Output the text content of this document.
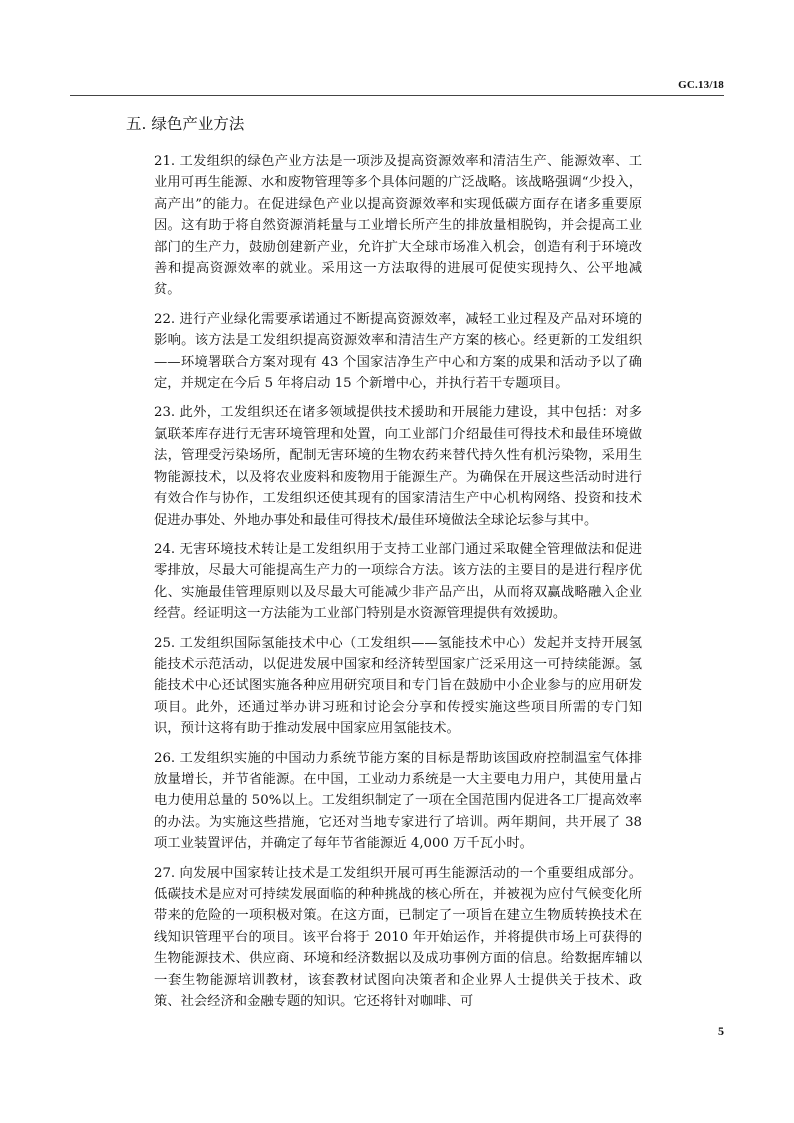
GC.13/18
五. 绿色产业方法

21. 工发组织的绿色产业方法是一项涉及提高资源效率和清洁生产、能源效率、工业用可再生能源、水和废物管理等多个具体问题的广泛战略。该战略强调“少投入，高产出”的能力。在促进绿色产业以提高资源效率和实现低碳方面存在诸多重要原因。这有助于将自然资源消耗量与工业增长所产生的排放量相脱钩，并会提高工业部门的生产力，鼓励创建新产业，允许扩大全球市场准入机会，创造有利于环境改善和提高资源效率的就业。采用这一方法取得的进展可促使实现持久、公平地减贫。

22. 进行产业绿化需要承诺通过不断提高资源效率，减轻工业过程及产品对环境的影响。该方法是工发组织提高资源效率和清洁生产方案的核心。经更新的工发组织——环境署联合方案对现有 43 个国家洁净生产中心和方案的成果和活动予以了确定，并规定在今后 5 年将启动 15 个新增中心，并执行若干专题项目。

23. 此外，工发组织还在诸多领域提供技术援助和开展能力建设，其中包括：对多氯联苯库存进行无害环境管理和处置，向工业部门介绍最佳可得技术和最佳环境做法，管理受污染场所，配制无害环境的生物农药来替代持久性有机污染物，采用生物能源技术，以及将农业废料和废物用于能源生产。为确保在开展这些活动时进行有效合作与协作，工发组织还使其现有的国家清洁生产中心机构网络、投资和技术促进办事处、外地办事处和最佳可得技术/最佳环境做法全球论坛参与其中。

24. 无害环境技术转让是工发组织用于支持工业部门通过采取健全管理做法和促进零排放，尽最大可能提高生产力的一项综合方法。该方法的主要目的是进行程序优化、实施最佳管理原则以及尽最大可能减少非产品产出，从而将双赢战略融入企业经营。经证明这一方法能为工业部门特别是水资源管理提供有效援助。

25. 工发组织国际氢能技术中心（工发组织——氢能技术中心）发起并支持开展氢能技术示范活动，以促进发展中国家和经济转型国家广泛采用这一可持续能源。氢能技术中心还试图实施各种应用研究项目和专门旨在鼓励中小企业参与的应用研发项目。此外，还通过举办讲习班和讨论会分享和传授实施这些项目所需的专门知识，预计这将有助于推动发展中国家应用氢能技术。

26. 工发组织实施的中国动力系统节能方案的目标是帮助该国政府控制温室气体排放量增长，并节省能源。在中国，工业动力系统是一大主要电力用户，其使用量占电力使用总量的 50%以上。工发组织制定了一项在全国范围内促进各工厂提高效率的办法。为实施这些措施，它还对当地专家进行了培训。两年期间，共开展了 38 项工业装置评估，并确定了每年节省能源近 4,000 万千瓦小时。

27. 向发展中国家转让技术是工发组织开展可再生能源活动的一个重要组成部分。低碳技术是应对可持续发展面临的种种挑战的核心所在，并被视为应付气候变化所带来的危险的一项积极对策。在这方面，已制定了一项旨在建立生物质转换技术在线知识管理平台的项目。该平台将于 2010 年开始运作，并将提供市场上可获得的生物能源技术、供应商、环境和经济数据以及成功事例方面的信息。给数据库辅以一套生物能源培训教材，该套教材试图向决策者和企业界人士提供关于技术、政策、社会经济和金融专题的知识。它还将针对咖啡、可

5
